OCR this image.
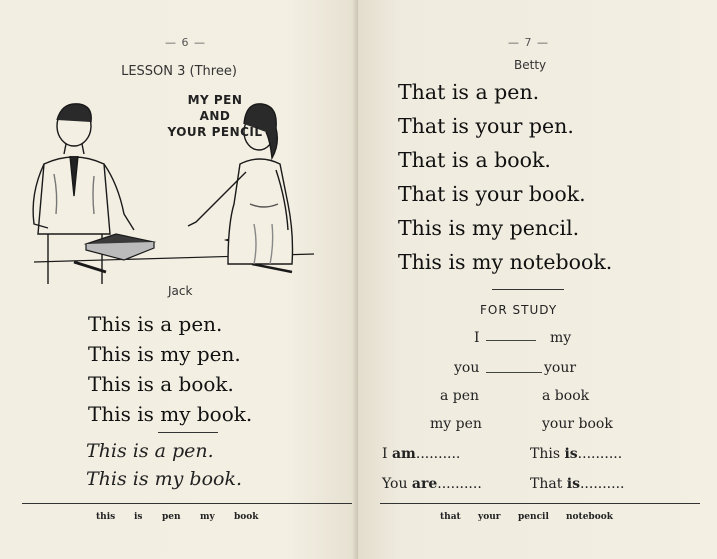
— 6 —
LESSON 3 (Three)
MY PEN
AND
YOUR PENCIL
Jack
This is a pen.
This is my pen.
This is a book.
This is my book.
This is a pen.
This is my book.
this is pen my book
— 7 —
Betty
That is a pen.
That is your pen.
That is a book.
That is your book.
This is my pencil.
This is my notebook.
FOR STUDY
I	my
you	your
a pen	a book
my pen	your book
I am..........	This is..........
You are..........	That is..........
that your pencil notebook
